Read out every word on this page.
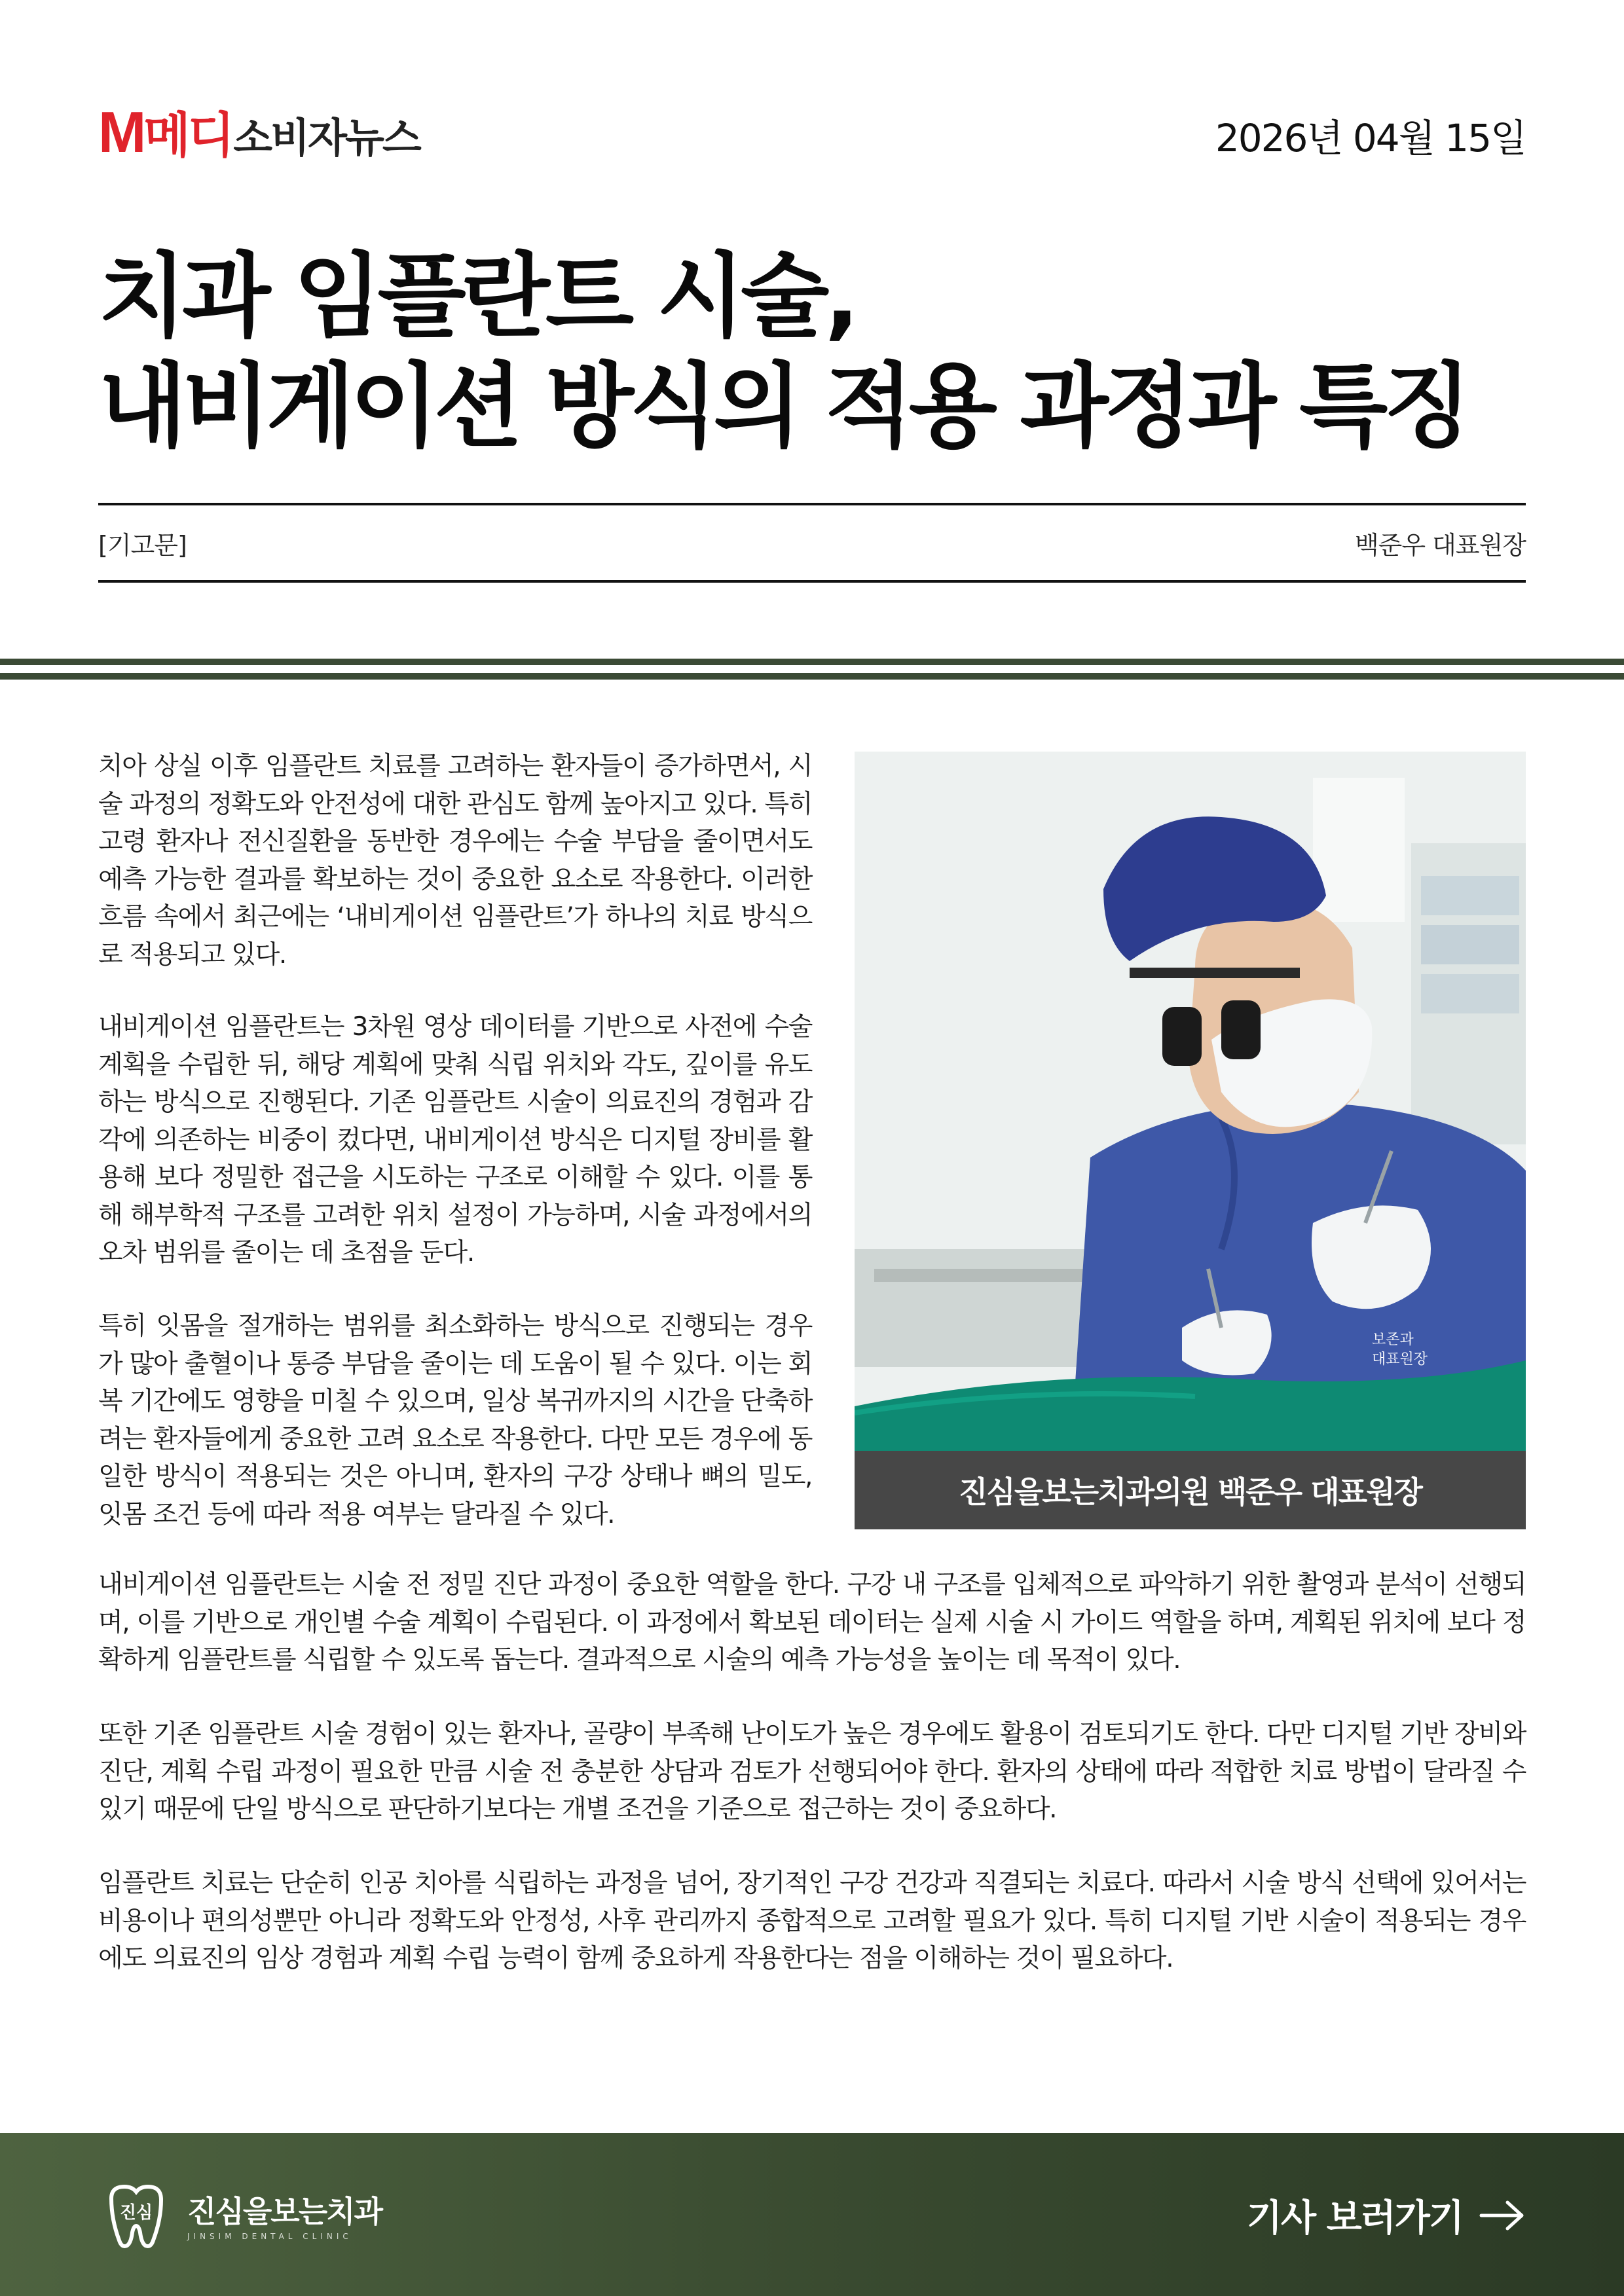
M 메디 소비자뉴스	2026년 04월 15일
치과 임플란트 시술,
내비게이션 방식의 적용 과정과 특징
[기고문]	백준우 대표원장

치아 상실 이후 임플란트 치료를 고려하는 환자들이 증가하면서, 시술 과정의 정확도와 안전성에 대한 관심도 함께 높아지고 있다. 특히 고령 환자나 전신질환을 동반한 경우에는 수술 부담을 줄이면서도 예측 가능한 결과를 확보하는 것이 중요한 요소로 작용한다. 이러한 흐름 속에서 최근에는 ‘내비게이션 임플란트’가 하나의 치료 방식으로 적용되고 있다.

내비게이션 임플란트는 3차원 영상 데이터를 기반으로 사전에 수술 계획을 수립한 뒤, 해당 계획에 맞춰 식립 위치와 각도, 깊이를 유도하는 방식으로 진행된다. 기존 임플란트 시술이 의료진의 경험과 감각에 의존하는 비중이 컸다면, 내비게이션 방식은 디지털 장비를 활용해 보다 정밀한 접근을 시도하는 구조로 이해할 수 있다. 이를 통해 해부학적 구조를 고려한 위치 설정이 가능하며, 시술 과정에서의 오차 범위를 줄이는 데 초점을 둔다.

특히 잇몸을 절개하는 범위를 최소화하는 방식으로 진행되는 경우가 많아 출혈이나 통증 부담을 줄이는 데 도움이 될 수 있다. 이는 회복 기간에도 영향을 미칠 수 있으며, 일상 복귀까지의 시간을 단축하려는 환자들에게 중요한 고려 요소로 작용한다. 다만 모든 경우에 동일한 방식이 적용되는 것은 아니며, 환자의 구강 상태나 뼈의 밀도, 잇몸 조건 등에 따라 적용 여부는 달라질 수 있다.

보존과
대표원장
진심을보는치과의원 백준우 대표원장

내비게이션 임플란트는 시술 전 정밀 진단 과정이 중요한 역할을 한다. 구강 내 구조를 입체적으로 파악하기 위한 촬영과 분석이 선행되며, 이를 기반으로 개인별 수술 계획이 수립된다. 이 과정에서 확보된 데이터는 실제 시술 시 가이드 역할을 하며, 계획된 위치에 보다 정확하게 임플란트를 식립할 수 있도록 돕는다. 결과적으로 시술의 예측 가능성을 높이는 데 목적이 있다.

또한 기존 임플란트 시술 경험이 있는 환자나, 골량이 부족해 난이도가 높은 경우에도 활용이 검토되기도 한다. 다만 디지털 기반 장비와 진단, 계획 수립 과정이 필요한 만큼 시술 전 충분한 상담과 검토가 선행되어야 한다. 환자의 상태에 따라 적합한 치료 방법이 달라질 수 있기 때문에 단일 방식으로 판단하기보다는 개별 조건을 기준으로 접근하는 것이 중요하다.

임플란트 치료는 단순히 인공 치아를 식립하는 과정을 넘어, 장기적인 구강 건강과 직결되는 치료다. 따라서 시술 방식 선택에 있어서는 비용이나 편의성뿐만 아니라 정확도와 안정성, 사후 관리까지 종합적으로 고려할 필요가 있다. 특히 디지털 기반 시술이 적용되는 경우에도 의료진의 임상 경험과 계획 수립 능력이 함께 중요하게 작용한다는 점을 이해하는 것이 필요하다.

진심 진심을보는치과
JINSIM DENTAL CLINIC	기사 보러가기
